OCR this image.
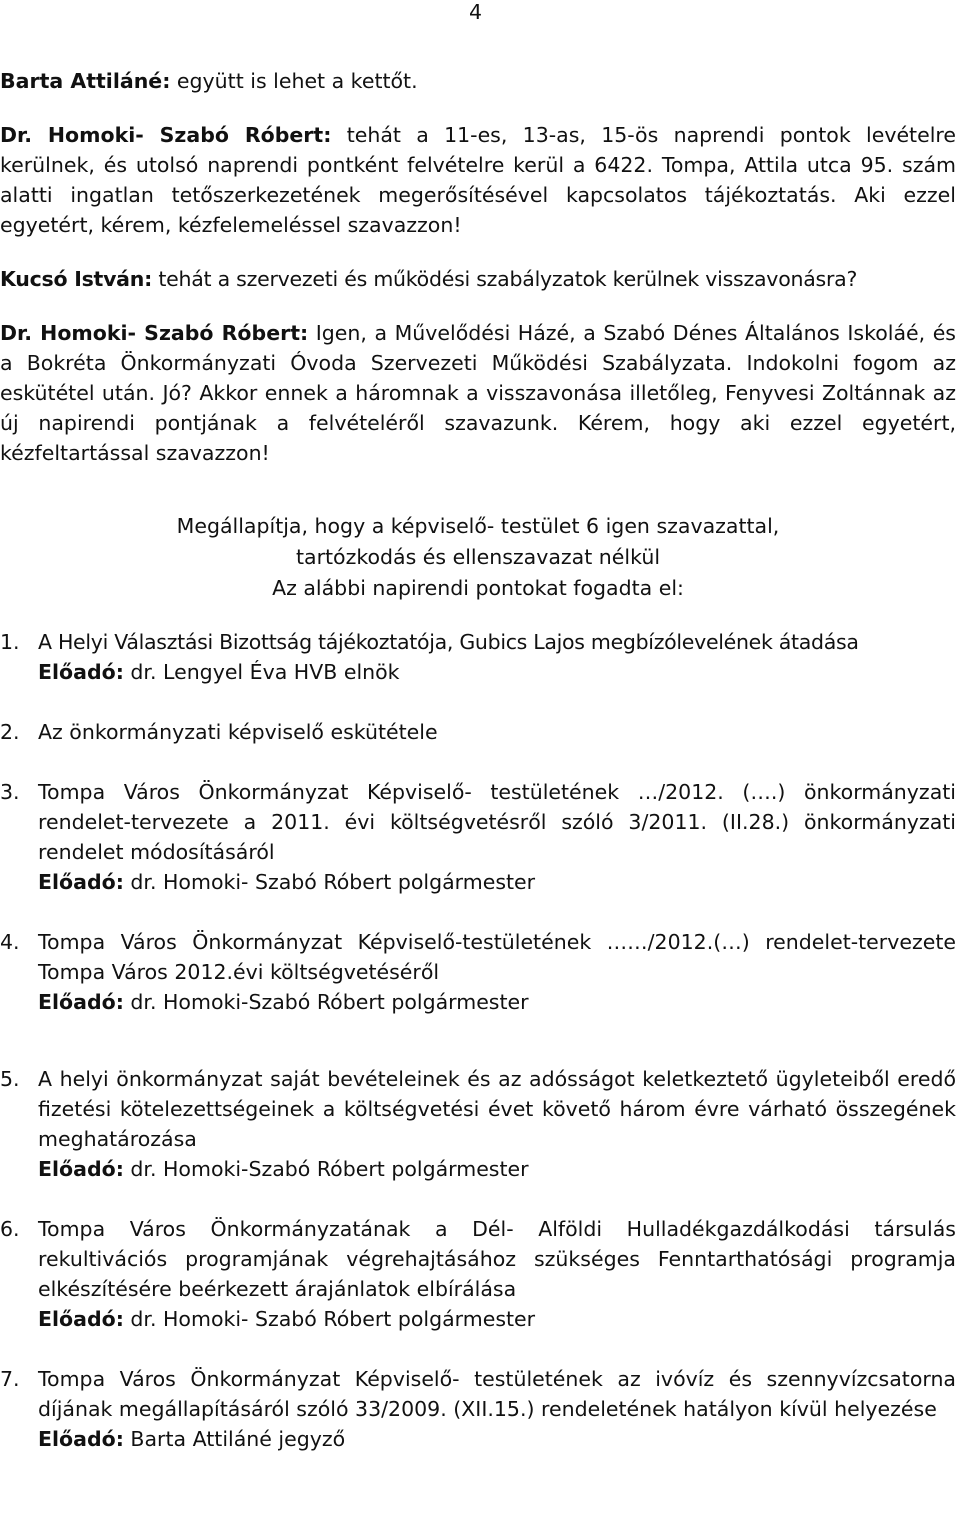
4

Barta Attiláné: együtt is lehet a kettőt.

Dr. Homoki- Szabó Róbert: tehát a 11-es, 13-as, 15-ös naprendi pontok levételre kerülnek, és utolsó naprendi pontként felvételre kerül a 6422. Tompa, Attila utca 95. szám alatti ingatlan tetőszerkezetének megerősítésével kapcsolatos tájékoztatás. Aki ezzel egyetért, kérem, kézfelemeléssel szavazzon!

Kucsó István: tehát a szervezeti és működési szabályzatok kerülnek visszavonásra?

Dr. Homoki- Szabó Róbert: Igen, a Művelődési Házé, a Szabó Dénes Általános Iskoláé, és a Bokréta Önkormányzati Óvoda Szervezeti Működési Szabályzata. Indokolni fogom az eskütétel után. Jó? Akkor ennek a háromnak a visszavonása illetőleg, Fenyvesi Zoltánnak az új napirendi pontjának a felvételéről szavazunk. Kérem, hogy aki ezzel egyetért, kézfeltartással szavazzon!

Megállapítja, hogy a képviselő- testület 6 igen szavazattal,
tartózkodás és ellenszavazat nélkül
Az alábbi napirendi pontokat fogadta el:
1. A Helyi Választási Bizottság tájékoztatója, Gubics Lajos megbízólevelének átadása
Előadó: dr. Lengyel Éva HVB elnök
2. Az önkormányzati képviselő eskütétele
3. Tompa Város Önkormányzat Képviselő- testületének …/2012. (….) önkormányzati rendelet-tervezete a 2011. évi költségvetésről szóló 3/2011. (II.28.) önkormányzati rendelet módosításáról
Előadó: dr. Homoki- Szabó Róbert polgármester
4. Tompa Város Önkormányzat Képviselő-testületének ……/2012.(…) rendelet-tervezete Tompa Város 2012.évi költségvetéséről
Előadó: dr. Homoki-Szabó Róbert polgármester
5. A helyi önkormányzat saját bevételeinek és az adósságot keletkeztető ügyleteiből eredő fizetési kötelezettségeinek a költségvetési évet követő három évre várható összegének meghatározása
Előadó: dr. Homoki-Szabó Róbert polgármester
6. Tompa Város Önkormányzatának a Dél- Alföldi Hulladékgazdálkodási társulás rekultivációs programjának végrehajtásához szükséges Fenntarthatósági programja elkészítésére beérkezett árajánlatok elbírálása
Előadó: dr. Homoki- Szabó Róbert polgármester
7. Tompa Város Önkormányzat Képviselő- testületének az ivóvíz és szennyvízcsatorna díjának megállapításáról szóló 33/2009. (XII.15.) rendeletének hatályon kívül helyezése
Előadó: Barta Attiláné jegyző
